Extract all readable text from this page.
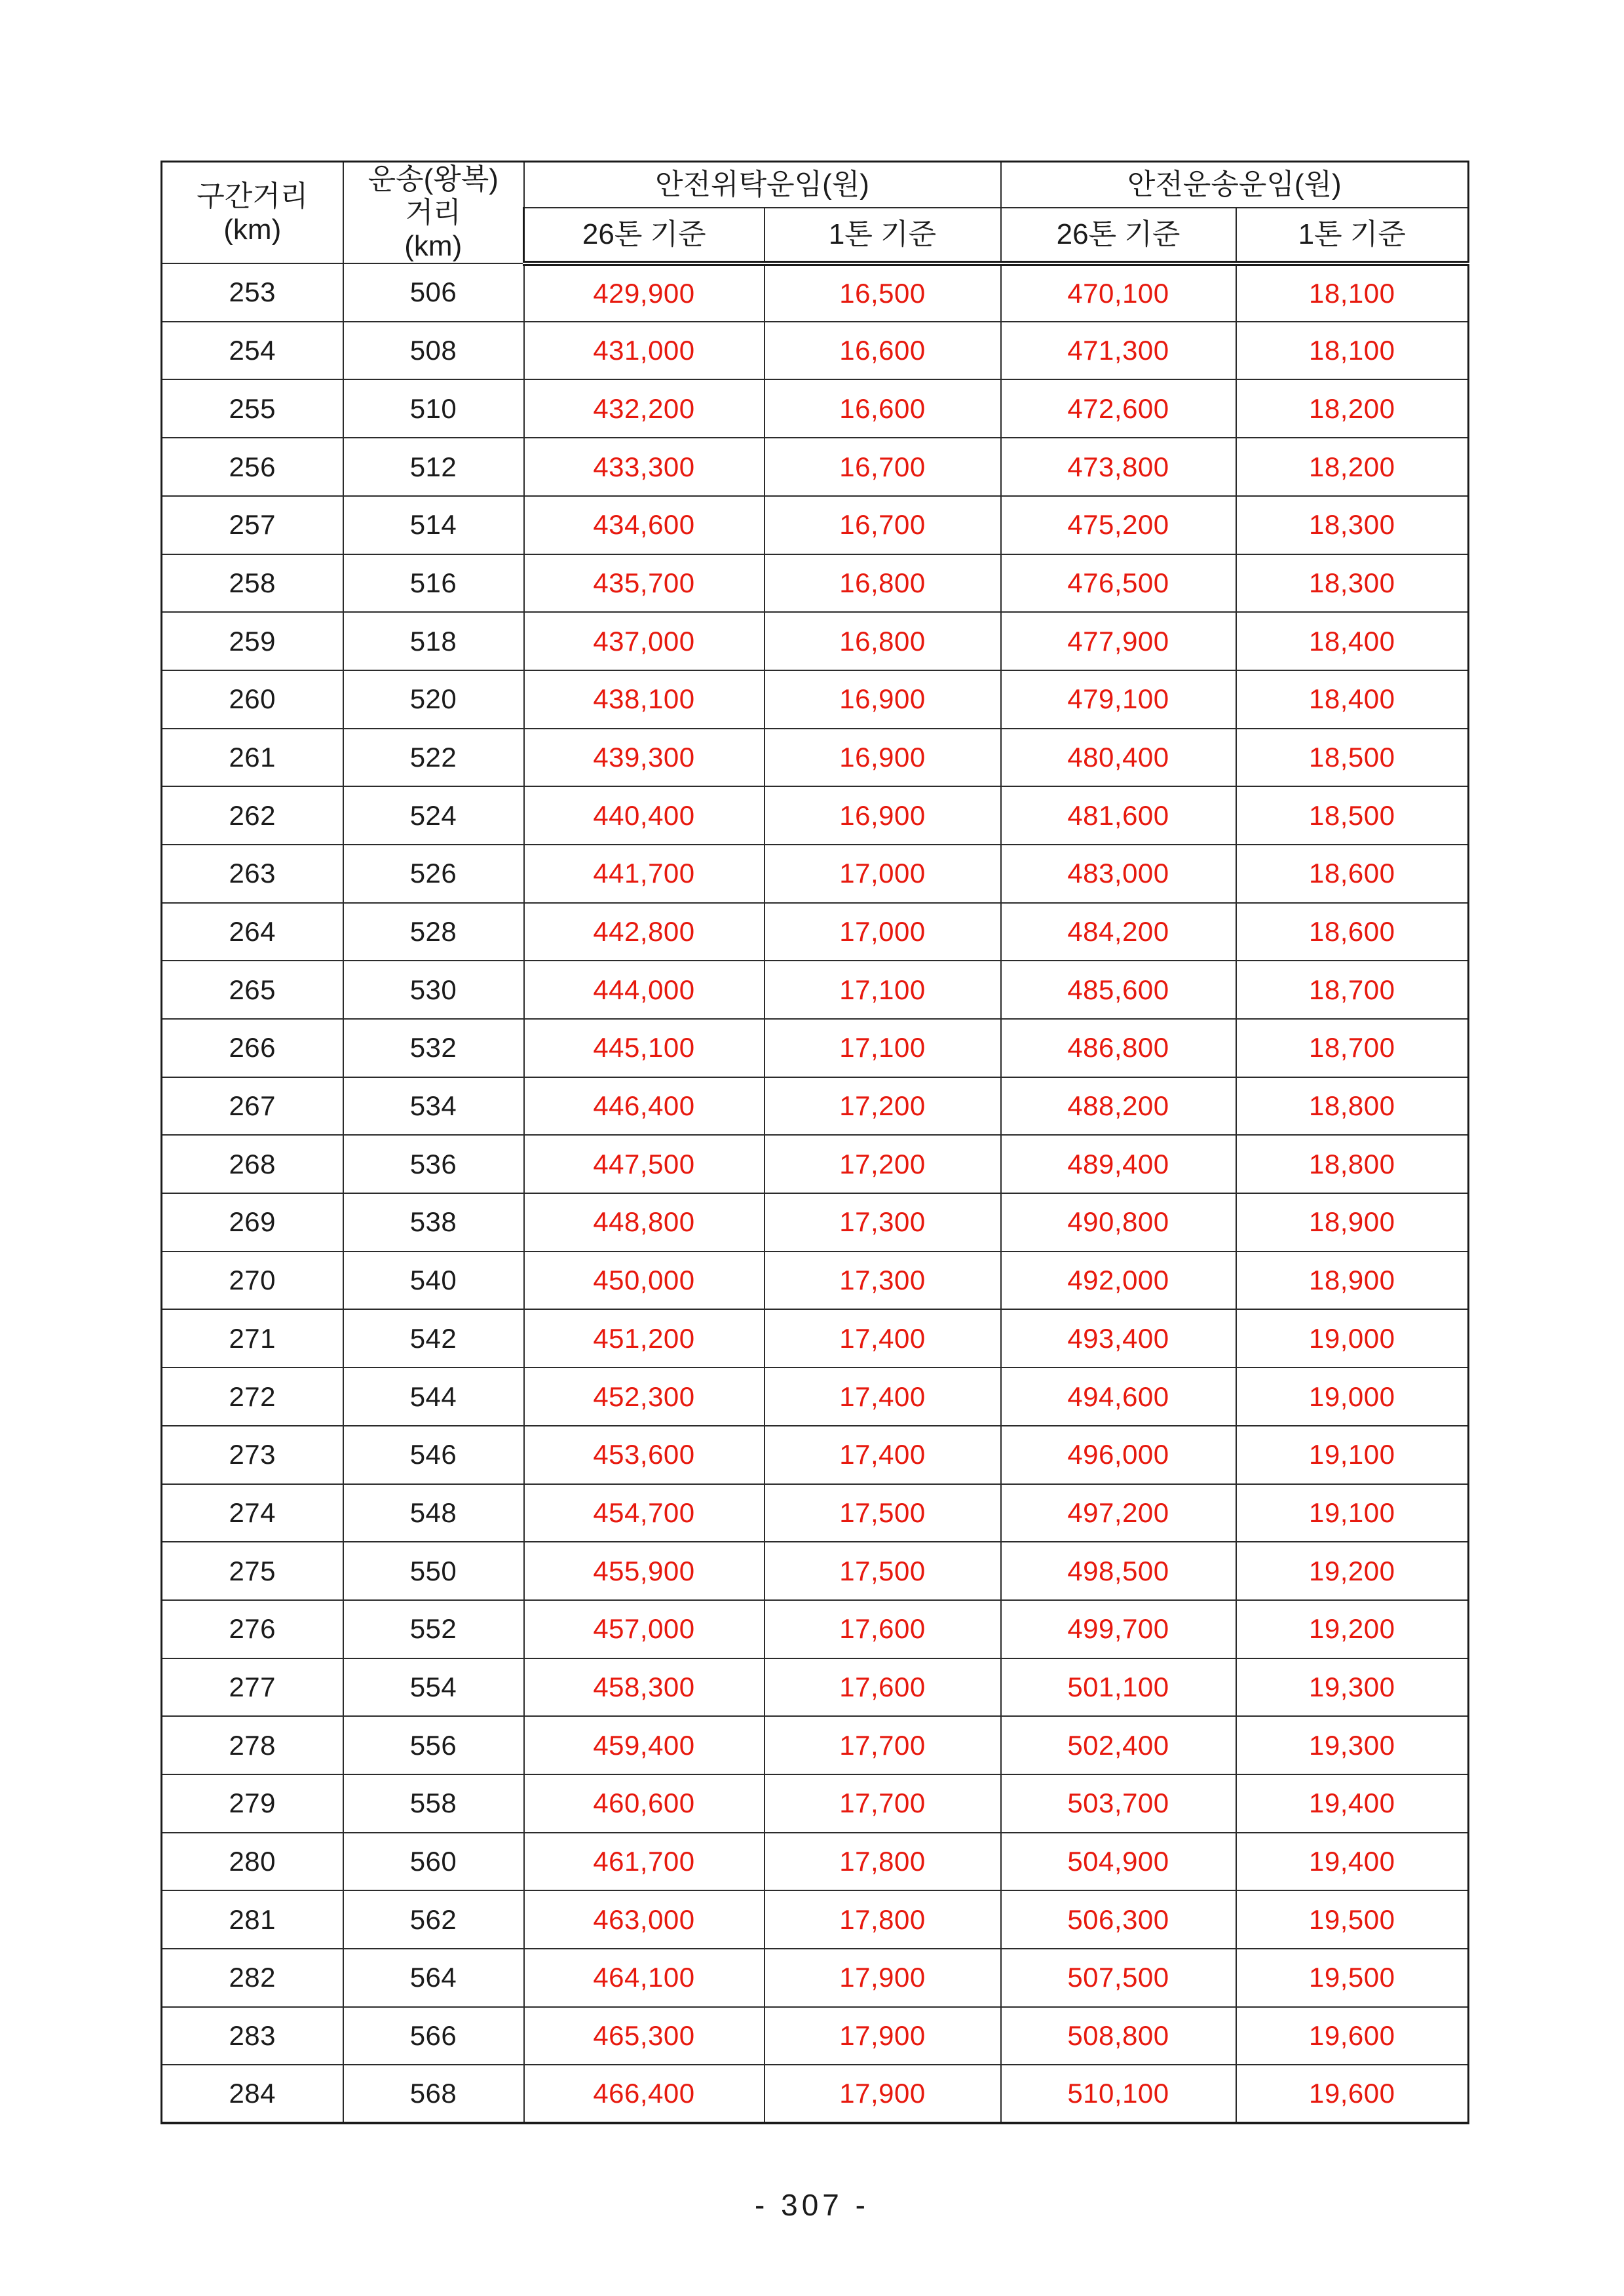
구간거리
(km)	운송(왕복)
거리
(km)	안전위탁운임(원)		안전운송운임(원)	
		26톤 기준	1톤 기준	26톤 기준	1톤 기준
253	506	429,900	16,500	470,100	18,100
254	508	431,000	16,600	471,300	18,100
255	510	432,200	16,600	472,600	18,200
256	512	433,300	16,700	473,800	18,200
257	514	434,600	16,700	475,200	18,300
258	516	435,700	16,800	476,500	18,300
259	518	437,000	16,800	477,900	18,400
260	520	438,100	16,900	479,100	18,400
261	522	439,300	16,900	480,400	18,500
262	524	440,400	16,900	481,600	18,500
263	526	441,700	17,000	483,000	18,600
264	528	442,800	17,000	484,200	18,600
265	530	444,000	17,100	485,600	18,700
266	532	445,100	17,100	486,800	18,700
267	534	446,400	17,200	488,200	18,800
268	536	447,500	17,200	489,400	18,800
269	538	448,800	17,300	490,800	18,900
270	540	450,000	17,300	492,000	18,900
271	542	451,200	17,400	493,400	19,000
272	544	452,300	17,400	494,600	19,000
273	546	453,600	17,400	496,000	19,100
274	548	454,700	17,500	497,200	19,100
275	550	455,900	17,500	498,500	19,200
276	552	457,000	17,600	499,700	19,200
277	554	458,300	17,600	501,100	19,300
278	556	459,400	17,700	502,400	19,300
279	558	460,600	17,700	503,700	19,400
280	560	461,700	17,800	504,900	19,400
281	562	463,000	17,800	506,300	19,500
282	564	464,100	17,900	507,500	19,500
283	566	465,300	17,900	508,800	19,600
284	568	466,400	17,900	510,100	19,600
- 307 -
